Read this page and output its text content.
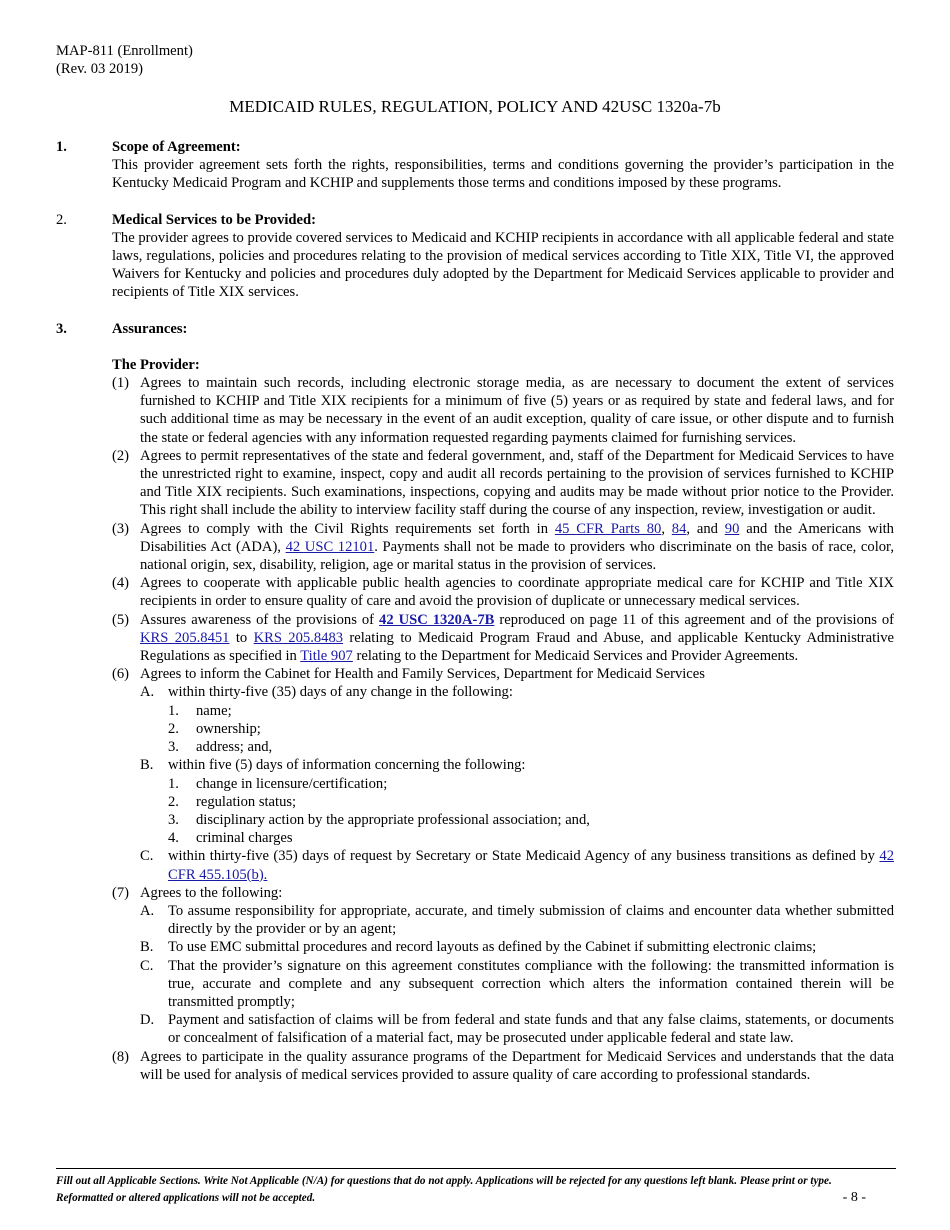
MAP-811 (Enrollment)
(Rev. 03 2019)
MEDICAID RULES, REGULATION, POLICY AND 42USC 1320a-7b
1.	Scope of Agreement:
This provider agreement sets forth the rights, responsibilities, terms and conditions governing the provider’s participation in the Kentucky Medicaid Program and KCHIP and supplements those terms and conditions imposed by these programs.
2.	Medical Services to be Provided:
The provider agrees to provide covered services to Medicaid and KCHIP recipients in accordance with all applicable federal and state laws, regulations, policies and procedures relating to the provision of medical services according to Title XIX, Title VI, the approved Waivers for Kentucky and policies and procedures duly adopted by the Department for Medicaid Services applicable to provider and recipients of Title XIX services.
3.	Assurances:
The Provider:
(1) Agrees to maintain such records, including electronic storage media, as are necessary to document the extent of services furnished to KCHIP and Title XIX recipients for a minimum of five (5) years or as required by state and federal laws, and for such additional time as may be necessary in the event of an audit exception, quality of care issue, or other dispute and to furnish the state or federal agencies with any information requested regarding payments claimed for furnishing services.
(2) Agrees to permit representatives of the state and federal government, and, staff of the Department for Medicaid Services to have the unrestricted right to examine, inspect, copy and audit all records pertaining to the provision of services furnished to KCHIP and Title XIX recipients. Such examinations, inspections, copying and audits may be made without prior notice to the Provider. This right shall include the ability to interview facility staff during the course of any inspection, review, investigation or audit.
(3) Agrees to comply with the Civil Rights requirements set forth in 45 CFR Parts 80, 84, and 90 and the Americans with Disabilities Act (ADA), 42 USC 12101. Payments shall not be made to providers who discriminate on the basis of race, color, national origin, sex, disability, religion, age or marital status in the provision of services.
(4) Agrees to cooperate with applicable public health agencies to coordinate appropriate medical care for KCHIP and Title XIX recipients in order to ensure quality of care and avoid the provision of duplicate or unnecessary medical services.
(5) Assures awareness of the provisions of 42 USC 1320A-7B reproduced on page 11 of this agreement and of the provisions of KRS 205.8451 to KRS 205.8483 relating to Medicaid Program Fraud and Abuse, and applicable Kentucky Administrative Regulations as specified in Title 907 relating to the Department for Medicaid Services and Provider Agreements.
(6) Agrees to inform the Cabinet for Health and Family Services, Department for Medicaid Services
A. within thirty-five (35) days of any change in the following:
1. name;
2. ownership;
3. address; and,
B. within five (5) days of information concerning the following:
1. change in licensure/certification;
2. regulation status;
3. disciplinary action by the appropriate professional association; and,
4. criminal charges
C. within thirty-five (35) days of request by Secretary or State Medicaid Agency of any business transitions as defined by 42 CFR 455.105(b).
(7) Agrees to the following:
A. To assume responsibility for appropriate, accurate, and timely submission of claims and encounter data whether submitted directly by the provider or by an agent;
B. To use EMC submittal procedures and record layouts as defined by the Cabinet if submitting electronic claims;
C. That the provider’s signature on this agreement constitutes compliance with the following: the transmitted information is true, accurate and complete and any subsequent correction which alters the information contained therein will be transmitted promptly;
D. Payment and satisfaction of claims will be from federal and state funds and that any false claims, statements, or documents or concealment of falsification of a material fact, may be prosecuted under applicable federal and state law.
(8) Agrees to participate in the quality assurance programs of the Department for Medicaid Services and understands that the data will be used for analysis of medical services provided to assure quality of care according to professional standards.
Fill out all Applicable Sections. Write Not Applicable (N/A) for questions that do not apply. Applications will be rejected for any questions left blank. Please print or type. Reformatted or altered applications will not be accepted.	- 8 -
